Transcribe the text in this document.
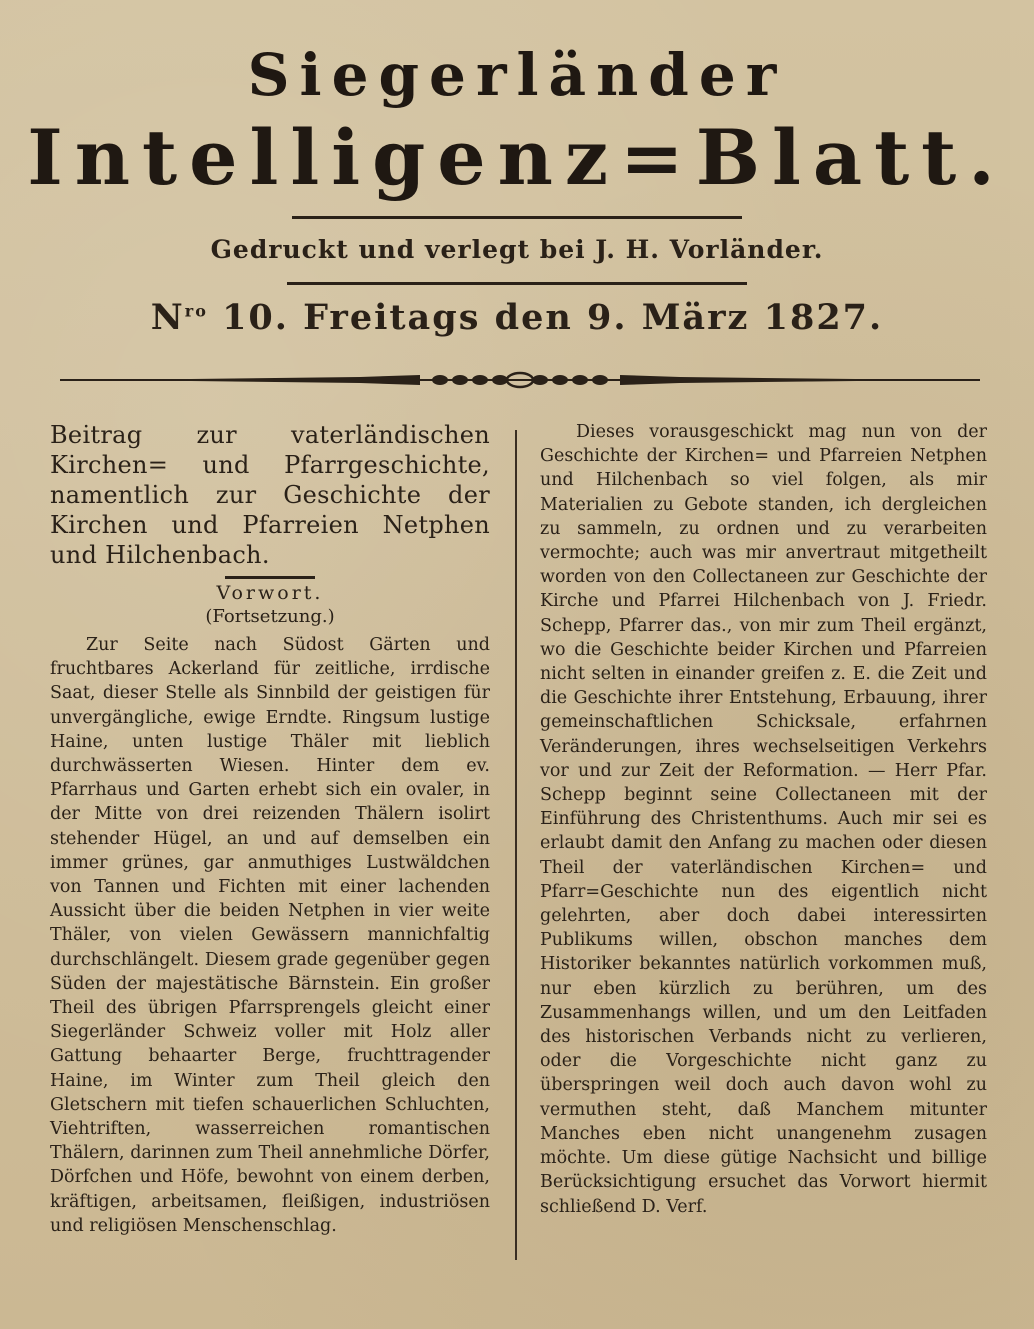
Siegerländer
Intelligenz=Blatt.
Gedruckt und verlegt bei J. H. Vorländer.
$N^{ro}$ 10. Freitags den 9. März 1827.
Beitrag zur vaterländischen Kirchen= und Pfarrgeschichte, namentlich zur Geschichte der Kirchen und Pfarreien Netphen und Hilchenbach.
Vorwort.
(Fortsetzung.)

Zur Seite nach Südost Gärten und fruchtbares Ackerland für zeitliche, irrdische Saat, dieser Stelle als Sinnbild der geistigen für unvergängliche, ewige Erndte. Ringsum lustige Haine, unten lustige Thäler mit lieblich durchwässerten Wiesen. Hinter dem ev. Pfarrhaus und Garten erhebt sich ein ovaler, in der Mitte von drei reizenden Thälern isolirt stehender Hügel, an und auf demselben ein immer grünes, gar anmuthiges Lustwäldchen von Tannen und Fichten mit einer lachenden Aussicht über die beiden Netphen in vier weite Thäler, von vielen Gewässern mannichfaltig durchschlängelt. Diesem grade gegenüber gegen Süden der majestätische Bärnstein. Ein großer Theil des übrigen Pfarrsprengels gleicht einer Siegerländer Schweiz voller mit Holz aller Gattung behaarter Berge, fruchttragender Haine, im Winter zum Theil gleich den Gletschern mit tiefen schauerlichen Schluchten, Viehtriften, wasserreichen romantischen Thälern, darinnen zum Theil annehmliche Dörfer, Dörfchen und Höfe, bewohnt von einem derben, kräftigen, arbeitsamen, fleißigen, industriösen und religiösen Menschenschlag.

Dieses vorausgeschickt mag nun von der Geschichte der Kirchen= und Pfarreien Netphen und Hilchenbach so viel folgen, als mir Materialien zu Gebote standen, ich dergleichen zu sammeln, zu ordnen und zu verarbeiten vermochte; auch was mir anvertraut mitgetheilt worden von den Collectaneen zur Geschichte der Kirche und Pfarrei Hilchenbach von J. Friedr. Schepp, Pfarrer das., von mir zum Theil ergänzt, wo die Geschichte beider Kirchen und Pfarreien nicht selten in einander greifen z. E. die Zeit und die Geschichte ihrer Entstehung, Erbauung, ihrer gemeinschaftlichen Schicksale, erfahrnen Veränderungen, ihres wechselseitigen Verkehrs vor und zur Zeit der Reformation. — Herr Pfar. Schepp beginnt seine Collectaneen mit der Einführung des Christenthums. Auch mir sei es erlaubt damit den Anfang zu machen oder diesen Theil der vaterländischen Kirchen= und Pfarr=Geschichte nun des eigentlich nicht gelehrten, aber doch dabei interessirten Publikums willen, obschon manches dem Historiker bekanntes natürlich vorkommen muß, nur eben kürzlich zu berühren, um des Zusammenhangs willen, und um den Leitfaden des historischen Verbands nicht zu verlieren, oder die Vorgeschichte nicht ganz zu überspringen weil doch auch davon wohl zu vermuthen steht, daß Manchem mitunter Manches eben nicht unangenehm zusagen möchte. Um diese gütige Nachsicht und billige Berücksichtigung ersuchet das Vorwort hiermit schließend D. Verf.
